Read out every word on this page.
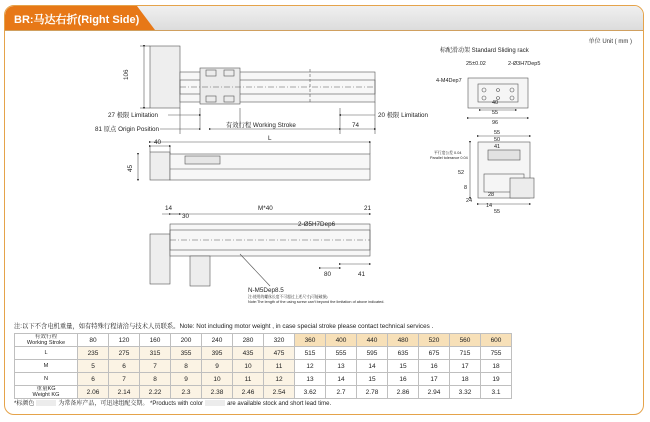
BR:马达右折(Right Side)
单位 Unit ( mm )
106
27 极限 Limitation
81 原点 Origin Position
有效行程 Working Stroke	74
20 极限 Limitation
40
L
45
14	M*40	21
30
2-Ø5H7Dep6
80	41
N-M5Dep8.5
注:使用的螺丝长度不可超过上述尺寸(可能破损)
Note:The length of the using screw can't beyond the limitation of above indicated.
标配滑动架 Standard Sliding rack
25±0.02	2-Ø3H7Dep5
4-M4Dep7
40
55
96
55
50
41
平行度公差 0.04
Parallel tolerance 0.04
52
8
28
24
14
55
注:以下不含电机重量，如有特殊行程请洽与技术人员联系。Note: Not including motor weight , in case special stroke please contact technical services .
有效行程
Working Stroke	80	120	160	200	240	280	320	360	400	440	480	520	560	600
L	235	275	315	355	395	435	475	515	555	595	635	675	715	755
M	5	6	7	8	9	10	11	12	13	14	15	16	17	18
N	6	7	8	9	10	11	12	13	14	15	16	17	18	19

重量KG
Weight KG	2.06	2.14	2.22	2.3	2.38	2.46	2.54	3.62	2.7	2.78	2.86	2.94	3.32	3.1
*标颜色	为常备库产品，可迅速组配交期。 *Products with color	are available stock and short lead time.
